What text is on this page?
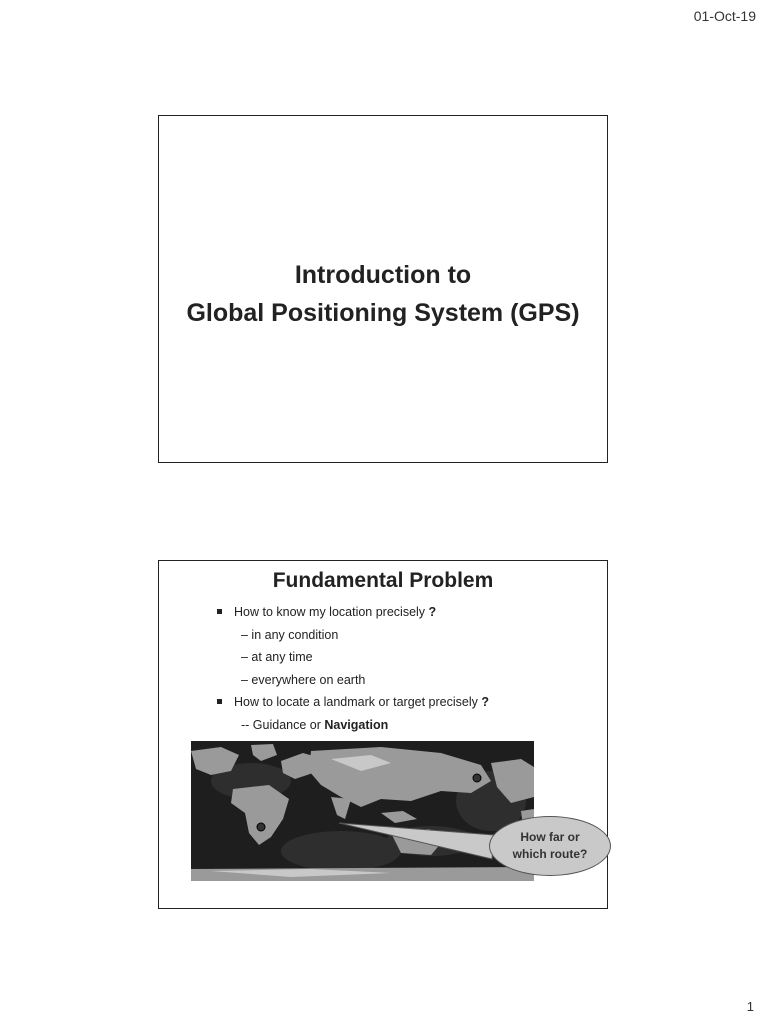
01-Oct-19
Introduction to
Global Positioning System (GPS)
Fundamental Problem
How to know my location precisely ?
– in any condition
– at any time
– everywhere on earth
How to locate a landmark or target precisely ?
-- Guidance or Navigation
How far or
which route?
1
